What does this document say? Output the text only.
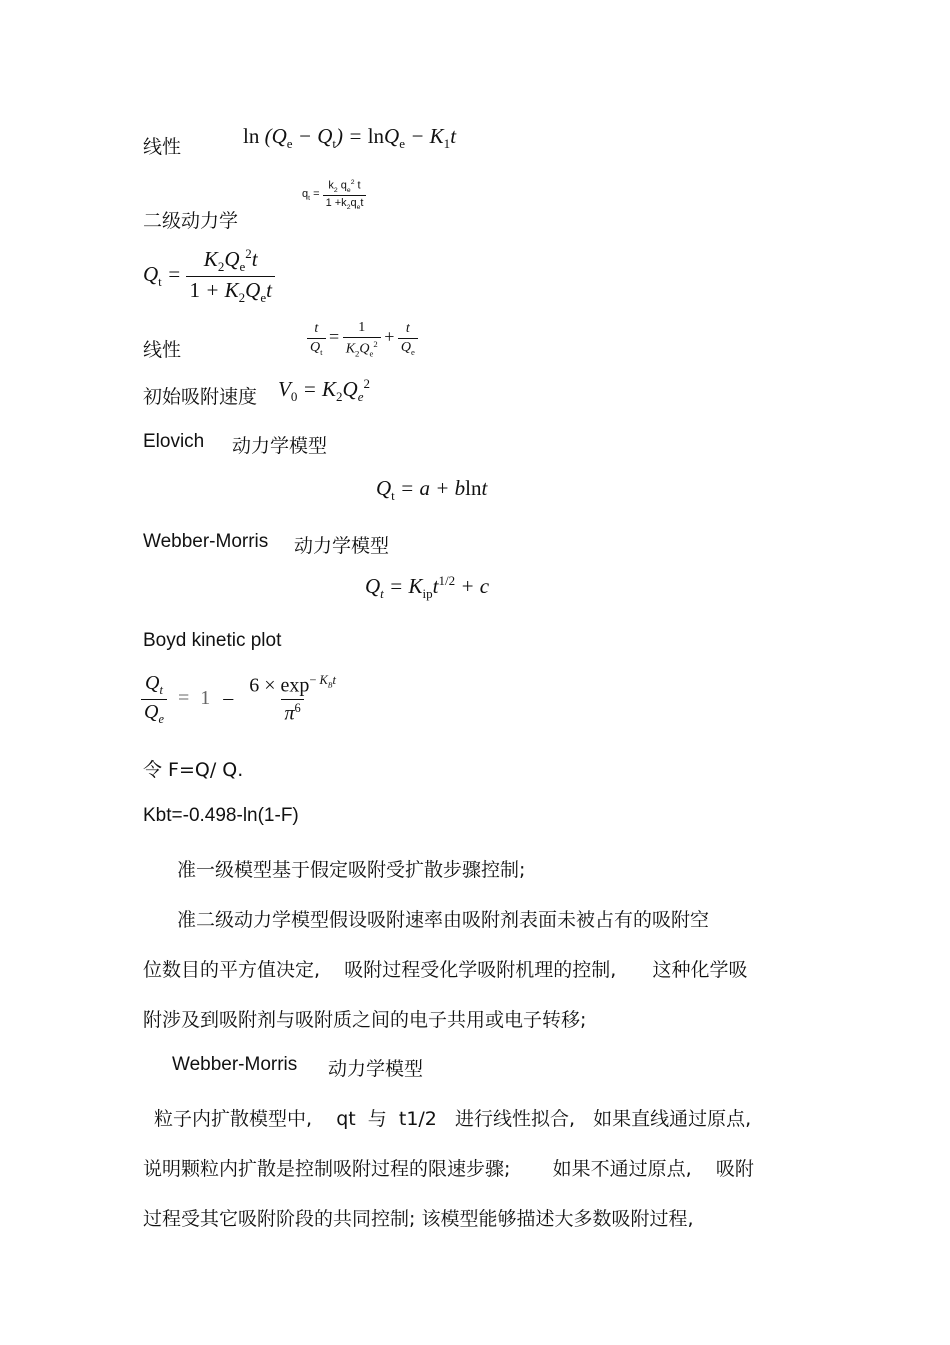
线性	$\ln (Q_e - Q_t) = \ln Q_e - K_1t$
$q_t = \frac{k_2 q_e^2 t}{1 +k_2q_et}$
二级动力学
$Q_t = \frac{K_2Q_e^2t}{1 + K_2Q_et}$
线性	$\frac{t}{Q_t} = \frac{1}{K_2Q_e^2} + \frac{t}{Q_e}$
初始吸附速度 $V_0 = K_2Q_e^2$
Elovich 动力学模型
$Q_t = a + blnt$
Webber-Morris 动力学模型
$Q_t = K_{ip}t^{1/2} + c$
Boyd kinetic plot
$\frac{Q_t}{Q_e} = 1 - \frac{6 \times \exp^{- K_Bt}}{\pi^6}$
令 F=Q/ Q.
Kbt=-0.498-ln(1-F)
准一级模型基于假定吸附受扩散步骤控制;
准二级动力学模型假设吸附速率由吸附剂表面未被占有的吸附空
位数目的平方值决定,    吸附过程受化学吸附机理的控制,      这种化学吸
附涉及到吸附剂与吸附质之间的电子共用或电子转移;
Webber-Morris 动力学模型
粒子内扩散模型中,    qt  与  t1/2   进行线性拟合,   如果直线通过原点,
说明颗粒内扩散是控制吸附过程的限速步骤;       如果不通过原点,    吸附
过程受其它吸附阶段的共同控制; 该模型能够描述大多数吸附过程,
